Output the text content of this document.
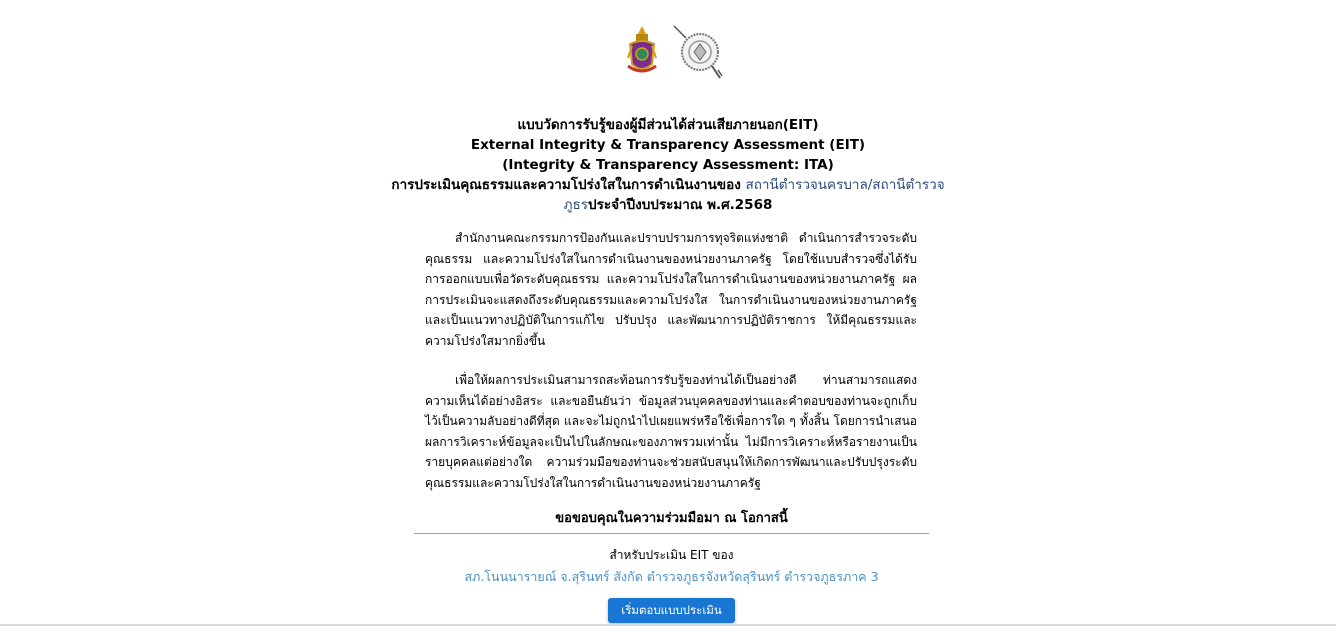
แบบวัดการรับรู้ของผู้มีส่วนได้ส่วนเสียภายนอก(EIT)
External Integrity & Transparency Assessment (EIT)
(Integrity & Transparency Assessment: ITA)
การประเมินคุณธรรมและความโปร่งใสในการดำเนินงานของ สถานีตำรวจนครบาล/สถานีตำรวจภูธรประจำปีงบประมาณ พ.ศ.2568

สำนักงานคณะกรรมการป้องกันและปราบปรามการทุจริตแห่งชาติ ดำเนินการสำรวจระดับคุณธรรม และความโปร่งใสในการดำเนินงานของหน่วยงานภาครัฐ โดยใช้แบบสำรวจซึ่งได้รับการออกแบบเพื่อวัดระดับคุณธรรม และความโปร่งใสในการดำเนินงานของหน่วยงานภาครัฐ ผลการประเมินจะแสดงถึงระดับคุณธรรมและความโปร่งใส ในการดำเนินงานของหน่วยงานภาครัฐ และเป็นแนวทางปฏิบัติในการแก้ไข ปรับปรุง และพัฒนาการปฏิบัติราชการ ให้มีคุณธรรมและความโปร่งใสมากยิ่งขึ้น

เพื่อให้ผลการประเมินสามารถสะท้อนการรับรู้ของท่านได้เป็นอย่างดี ท่านสามารถแสดงความเห็นได้อย่างอิสระ และขอยืนยันว่า ข้อมูลส่วนบุคคลของท่านและคำตอบของท่านจะถูกเก็บไว้เป็นความลับอย่างดีที่สุด และจะไม่ถูกนำไปเผยแพร่หรือใช้เพื่อการใด ๆ ทั้งสิ้น โดยการนำเสนอผลการวิเคราะห์ข้อมูลจะเป็นไปในลักษณะของภาพรวมเท่านั้น ไม่มีการวิเคราะห์หรือรายงานเป็นรายบุคคลแต่อย่างใด ความร่วมมือของท่านจะช่วยสนับสนุนให้เกิดการพัฒนาและปรับปรุงระดับคุณธรรมและความโปร่งใสในการดำเนินงานของหน่วยงานภาครัฐ

ขอขอบคุณในความร่วมมือมา ณ โอกาสนี้
สำหรับประเมิน EIT ของ
สภ.โนนนารายณ์ จ.สุรินทร์ สังกัด ตำรวจภูธรจังหวัดสุรินทร์ ตำรวจภูธรภาค 3
เริ่มตอบแบบประเมิน
